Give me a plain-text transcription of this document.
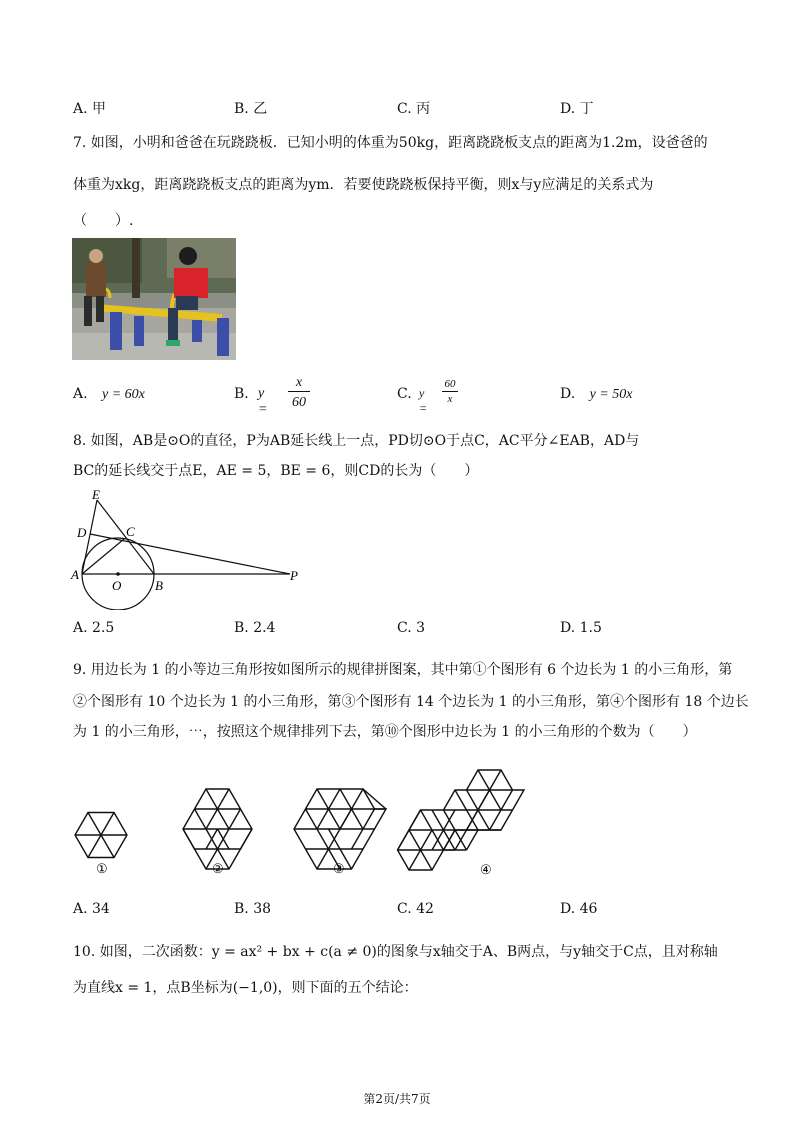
A. 甲	B. 乙	C. 丙	D. 丁
7. 如图，小明和爸爸在玩跷跷板．已知小明的体重为50kg，距离跷跷板支点的距离为1.2m，设爸爸的
体重为xkg，距离跷跷板支点的距离为ym．若要使跷跷板保持平衡，则x与y应满足的关系式为
（　　）.
A. y = 60x	B. y =
x
60
C. y =
60
x	D. y = 50x
8. 如图，AB是⊙O的直径，P为AB延长线上一点，PD切⊙O于点C，AC平分∠EAB，AD与
BC的延长线交于点E，AE = 5，BE = 6，则CD的长为（　　）
E
D	C
A
O	B
P
A. 2.5	B. 2.4	C. 3	D. 1.5
9. 用边长为 1 的小等边三角形按如图所示的规律拼图案，其中第①个图形有 6 个边长为 1 的小三角形，第
②个图形有 10 个边长为 1 的小三角形，第③个图形有 14 个边长为 1 的小三角形，第④个图形有 18 个边长
为 1 的小三角形，⋯，按照这个规律排列下去，第⑩个图形中边长为 1 的小三角形的个数为（　　）
①	②	③	④
A. 34	B. 38	C. 42	D. 46
10. 如图，二次函数：y = ax² + bx + c(a ≠ 0)的图象与x轴交于A、B两点，与y轴交于C点，且对称轴
为直线x = 1，点B坐标为(−1,0)，则下面的五个结论：
第2页/共7页
